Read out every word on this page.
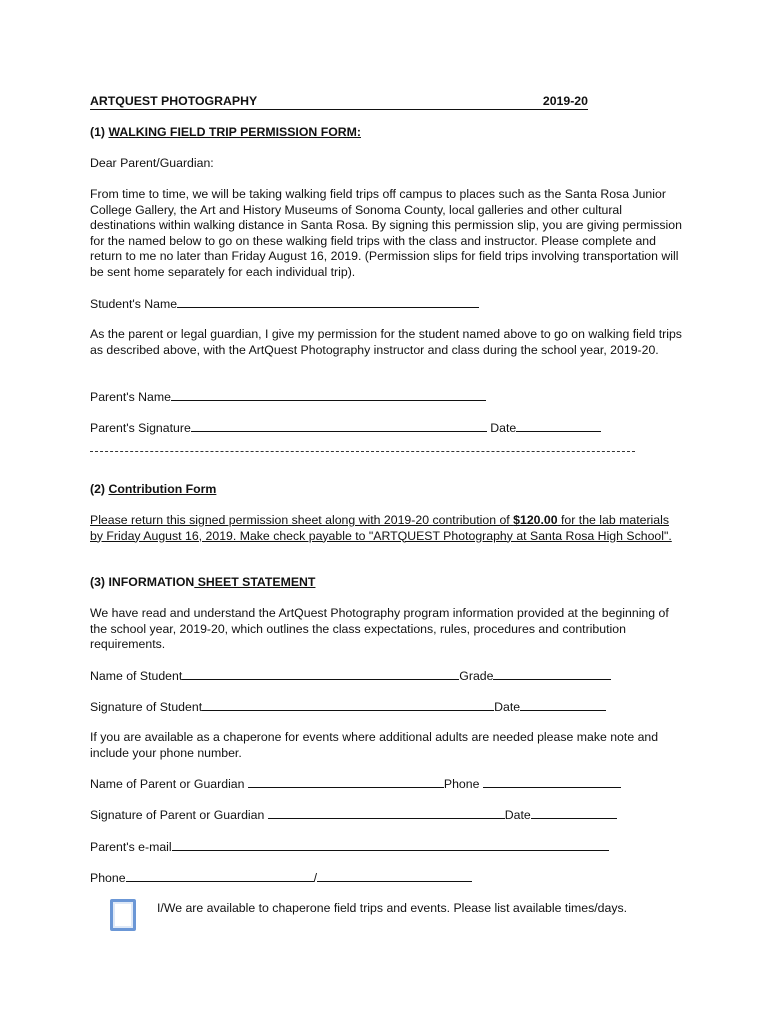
ARTQUEST PHOTOGRAPHY	2019-20

(1) WALKING FIELD TRIP PERMISSION FORM:

Dear Parent/Guardian:

From time to time, we will be taking walking field trips off campus to places such as the Santa Rosa Junior College Gallery, the Art and History Museums of Sonoma County, local galleries and other cultural destinations within walking distance in Santa Rosa. By signing this permission slip, you are giving permission for the named below to go on these walking field trips with the class and instructor. Please complete and return to me no later than Friday August 16, 2019. (Permission slips for field trips involving transportation will be sent home separately for each individual trip).

Student's Name

As the parent or legal guardian, I give my permission for the student named above to go on walking field trips as described above, with the ArtQuest Photography instructor and class during the school year, 2019-20.

Parent's Name

Parent's Signature	Date

(2) Contribution Form

Please return this signed permission sheet along with 2019-20 contribution of $120.00 for the lab materials by Friday August 16, 2019. Make check payable to "ARTQUEST Photography at Santa Rosa High School".

(3) INFORMATION SHEET STATEMENT

We have read and understand the ArtQuest Photography program information provided at the beginning of the school year, 2019-20, which outlines the class expectations, rules, procedures and contribution requirements.

Name of Student	Grade

Signature of Student	Date

If you are available as a chaperone for events where additional adults are needed please make note and include your phone number.

Name of Parent or Guardian	Phone

Signature of Parent or Guardian	Date

Parent's e-mail

Phone	/

I/We are available to chaperone field trips and events. Please list available times/days.
